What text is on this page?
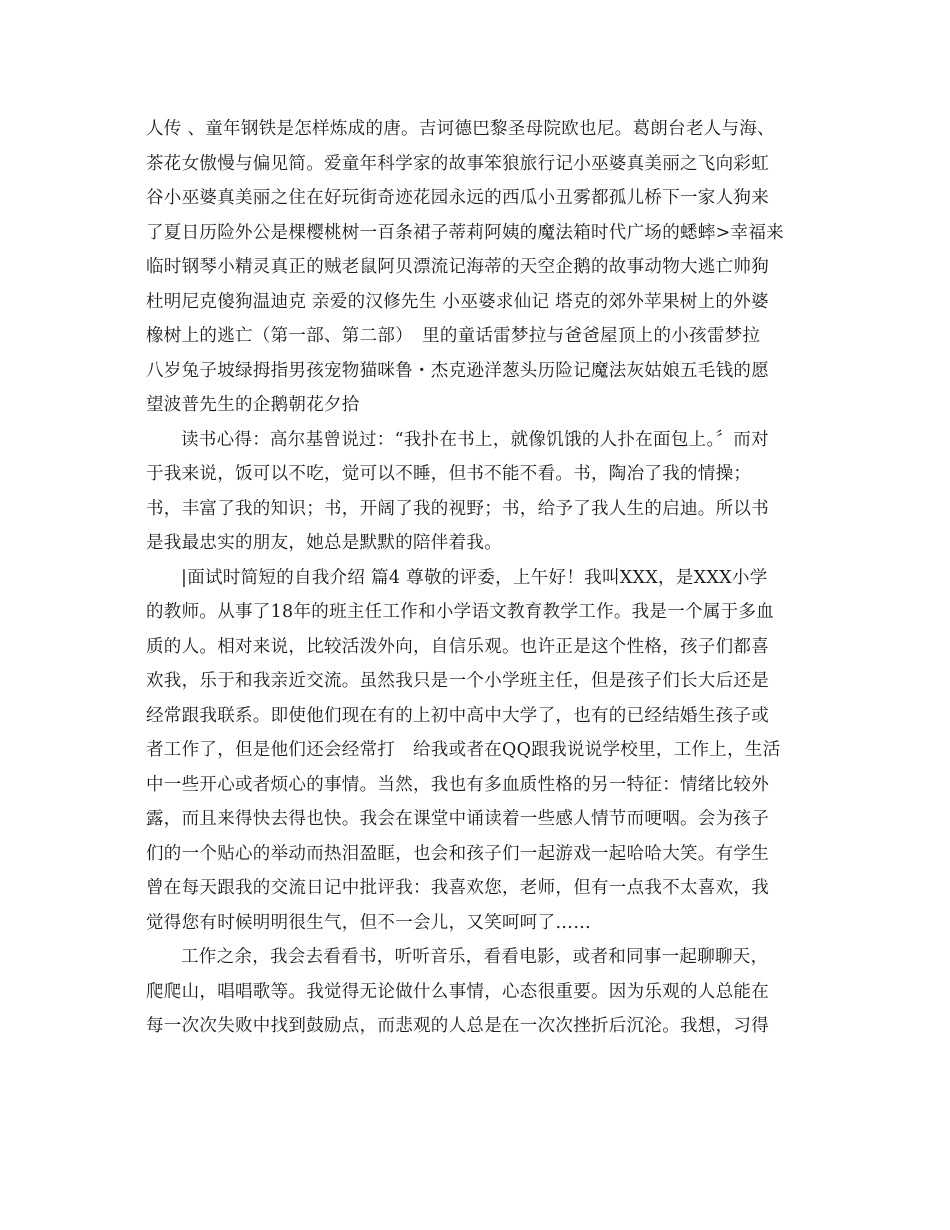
人传 、童年钢铁是怎样炼成的唐。吉诃德巴黎圣母院欧也尼。葛朗台老人与海、
茶花女傲慢与偏见简。爱童年科学家的故事笨狼旅行记小巫婆真美丽之飞向彩虹
谷小巫婆真美丽之住在好玩街奇迹花园永远的西瓜小丑雾都孤儿桥下一家人狗来
了夏日历险外公是棵樱桃树一百条裙子蒂莉阿姨的魔法箱时代广场的蟋蟀>幸福来
临时钢琴小精灵真正的贼老鼠阿贝漂流记海蒂的天空企鹅的故事动物大逃亡帅狗
杜明尼克傻狗温迪克 亲爱的汉修先生 小巫婆求仙记 塔克的郊外苹果树上的外婆
橡树上的逃亡（第一部、第二部）　里的童话雷梦拉与爸爸屋顶上的小孩雷梦拉
八岁兔子坡绿拇指男孩宠物猫咪鲁・杰克逊洋葱头历险记魔法灰姑娘五毛钱的愿
望波普先生的企鹅朝花夕拾
读书心得：高尔基曾说过：“我扑在书上，就像饥饿的人扑在面包上。〞而对
于我来说，饭可以不吃，觉可以不睡，但书不能不看。书，陶冶了我的情操；
书，丰富了我的知识；书，开阔了我的视野；书，给予了我人生的启迪。所以书
是我最忠实的朋友，她总是默默的陪伴着我。
|面试时简短的自我介绍 篇4 尊敬的评委，上午好！我叫XXX，是XXX小学
的教师。从事了18年的班主任工作和小学语文教育教学工作。我是一个属于多血
质的人。相对来说，比较活泼外向，自信乐观。也许正是这个性格，孩子们都喜
欢我，乐于和我亲近交流。虽然我只是一个小学班主任，但是孩子们长大后还是
经常跟我联系。即使他们现在有的上初中高中大学了，也有的已经结婚生孩子或
者工作了，但是他们还会经常打　给我或者在QQ跟我说说学校里，工作上，生活
中一些开心或者烦心的事情。当然，我也有多血质性格的另一特征：情绪比较外
露，而且来得快去得也快。我会在课堂中诵读着一些感人情节而哽咽。会为孩子
们的一个贴心的举动而热泪盈眶，也会和孩子们一起游戏一起哈哈大笑。有学生
曾在每天跟我的交流日记中批评我：我喜欢您，老师，但有一点我不太喜欢，我
觉得您有时候明明很生气，但不一会儿，又笑呵呵了……
工作之余，我会去看看书，听听音乐，看看电影，或者和同事一起聊聊天，
爬爬山，唱唱歌等。我觉得无论做什么事情，心态很重要。因为乐观的人总能在
每一次次失败中找到鼓励点，而悲观的人总是在一次次挫折后沉沦。我想，习得
